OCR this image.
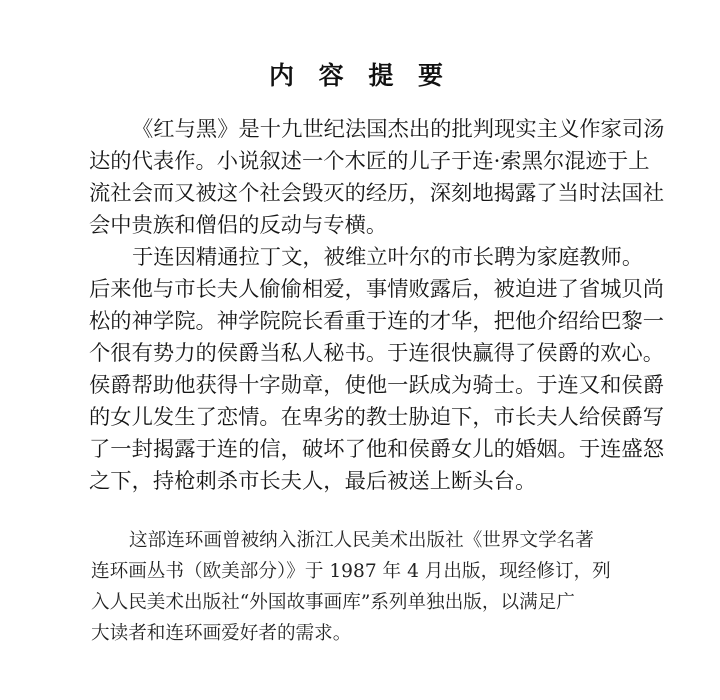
内 容 提 要
《红与黑》是十九世纪法国杰出的批判现实主义作家司汤
达的代表作。小说叙述一个木匠的儿子于连·索黑尔混迹于上
流社会而又被这个社会毁灭的经历，深刻地揭露了当时法国社
会中贵族和僧侣的反动与专横。
于连因精通拉丁文，被维立叶尔的市长聘为家庭教师。
后来他与市长夫人偷偷相爱，事情败露后，被迫进了省城贝尚
松的神学院。神学院院长看重于连的才华，把他介绍给巴黎一
个很有势力的侯爵当私人秘书。于连很快赢得了侯爵的欢心。
侯爵帮助他获得十字勋章，使他一跃成为骑士。于连又和侯爵
的女儿发生了恋情。在卑劣的教士胁迫下，市长夫人给侯爵写
了一封揭露于连的信，破坏了他和侯爵女儿的婚姻。于连盛怒
之下，持枪刺杀市长夫人，最后被送上断头台。
这部连环画曾被纳入浙江人民美术出版社《世界文学名著
连环画丛书（欧美部分）》于 1987 年 4 月出版，现经修订，列
入人民美术出版社“外国故事画库”系列单独出版，以满足广
大读者和连环画爱好者的需求。
